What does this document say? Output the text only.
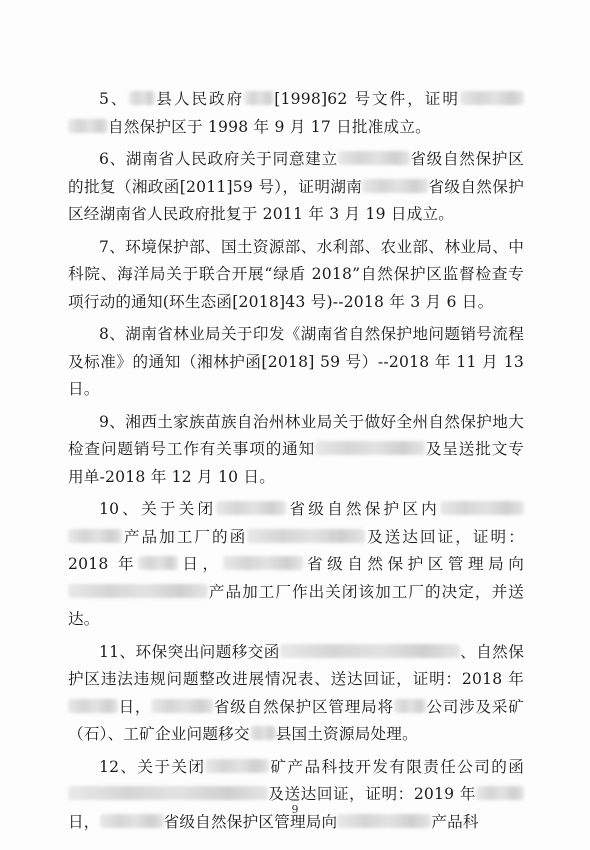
5、 县人民政府 [1998]62 号文件，证明自然保护区于 1998 年 9 月 17 日批准成立。

6、湖南省人民政府关于同意建立	省级自然保护区的批复（湘政函[2011]59 号），证明湖南	省级自然保护区经湖南省人民政府批复于 2011 年 3 月 19 日成立。

7、环境保护部、国土资源部、水利部、农业部、林业局、中科院、海洋局关于联合开展“绿盾 2018”自然保护区监督检查专项行动的通知(环生态函[2018]43 号)--2018 年 3 月 6 日。

8、湖南省林业局关于印发《湖南省自然保护地问题销号流程及标准》的通知（湘林护函[2018] 59 号）--2018 年 11 月 13 日。

9、湘西土家族苗族自治州林业局关于做好全州自然保护地大检查问题销号工作有关事项的通知	及呈送批文专用单-2018 年 12 月 10 日。

10、关于关闭	省级自然保护区内产品加工厂的函	及送达回证，证明：2018 年	日，	省级自然保护区管理局向产品加工厂作出关闭该加工厂的决定，并送达。

11、环保突出问题移交函	、自然保护区违法违规问题整改进展情况表、送达回证，证明：2018 年日，	省级自然保护区管理局将 公司涉及采矿（石）、工矿企业问题移交 县国土资源局处理。

12、关于关闭	矿产品科技开发有限责任公司的函及送达回证，证明：2019 年日，	省级自然保护区管理局向	产品科

9
